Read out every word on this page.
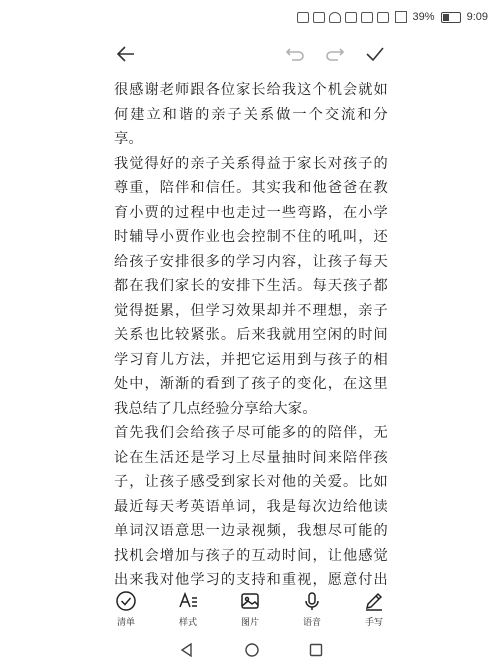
39%	9:09

很感谢老师跟各位家长给我这个机会就如何建立和谐的亲子关系做一个交流和分享。

我觉得好的亲子关系得益于家长对孩子的尊重，陪伴和信任。其实我和他爸爸在教育小贾的过程中也走过一些弯路，在小学时辅导小贾作业也会控制不住的吼叫，还给孩子安排很多的学习内容，让孩子每天都在我们家长的安排下生活。每天孩子都觉得挺累，但学习效果却并不理想，亲子关系也比较紧张。后来我就用空闲的时间学习育儿方法，并把它运用到与孩子的相处中，渐渐的看到了孩子的变化，在这里我总结了几点经验分享给大家。

首先我们会给孩子尽可能多的的陪伴，无论在生活还是学习上尽量抽时间来陪伴孩子，让孩子感受到家长对他的关爱。比如最近每天考英语单词，我是每次边给他读单词汉语意思一边录视频，我想尽可能的找机会增加与孩子的互动时间，让他感觉出来我对他学习的支持和重视，愿意付出

清单	样式	图片	语音	手写
